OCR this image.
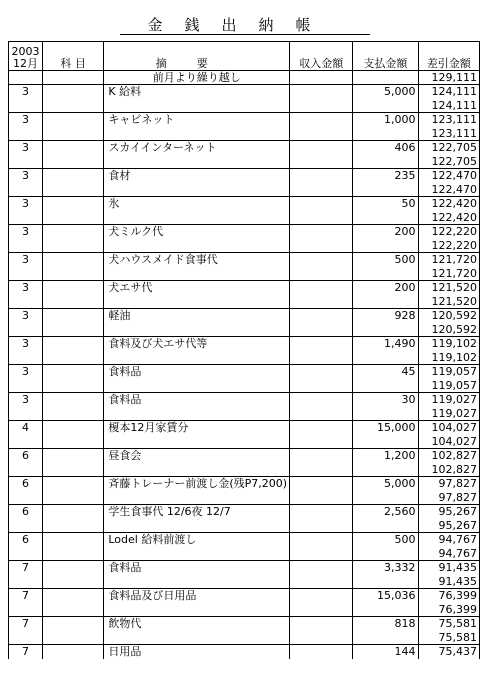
金銭出納帳
2003
12月	科 目	摘要	収入金額	支払金額	差引金額
		前月より繰り越し			129,111
3		K 給料		5,000	124,111
					124,111
3		キャビネット		1,000	123,111
					123,111
3		スカイインターネット		406	122,705
					122,705
3		食材		235	122,470
					122,470
3		氷		50	122,420
					122,420
3		犬ミルク代		200	122,220
					122,220
3		犬ハウスメイド食事代		500	121,720
					121,720
3		犬エサ代		200	121,520
					121,520
3		軽油		928	120,592
					120,592
3		食料及び犬エサ代等		1,490	119,102
					119,102
3		食料品		45	119,057
					119,057
3		食料品		30	119,027
					119,027
4		榎本12月家賃分		15,000	104,027
					104,027
6		昼食会		1,200	102,827
					102,827
6		斉藤トレーナー前渡し金(残P7,200)		5,000	97,827
					97,827
6		学生食事代 12/6夜 12/7		2,560	95,267
					95,267
6		Lodel 給料前渡し		500	94,767
					94,767
7		食料品		3,332	91,435
					91,435
7		食料品及び日用品		15,036	76,399
					76,399
7		飲物代		818	75,581
					75,581
7		日用品		144	75,437
